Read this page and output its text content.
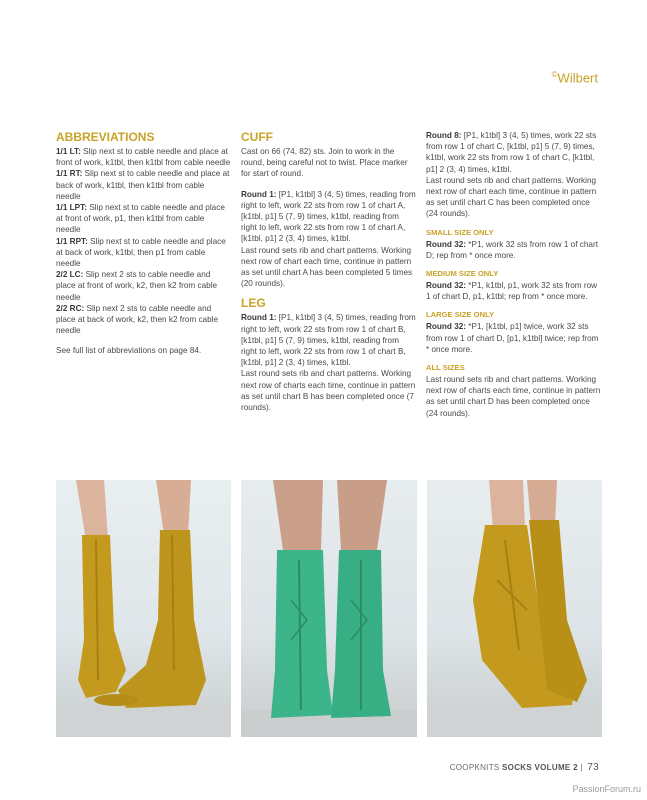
©Wilbert
ABBREVIATIONS

1/1 LT: Slip next st to cable needle and place at front of work, k1tbl, then k1tbl from cable needle

1/1 RT: Slip next st to cable needle and place at back of work, k1tbl, then k1tbl from cable needle

1/1 LPT: Slip next st to cable needle and place at front of work, p1, then k1tbl from cable needle

1/1 RPT: Slip next st to cable needle and place at back of work, k1tbl, then p1 from cable needle

2/2 LC: Slip next 2 sts to cable needle and place at front of work, k2, then k2 from cable needle

2/2 RC: Slip next 2 sts to cable needle and place at back of work, k2, then k2 from cable needle

See full list of abbreviations on page 84.

CUFF

Cast on 66 (74, 82) sts. Join to work in the round, being careful not to twist. Place marker for start of round.

Round 1: [P1, k1tbl] 3 (4, 5) times, reading from right to left, work 22 sts from row 1 of chart A, [k1tbl, p1] 5 (7, 9) times, k1tbl, reading from right to left, work 22 sts from row 1 of chart A, [k1tbl, p1] 2 (3, 4) times, k1tbl.

Last round sets rib and chart patterns. Working next row of chart each time, continue in pattern as set until chart A has been completed 5 times (20 rounds).

LEG

Round 1: [P1, k1tbl] 3 (4, 5) times, reading from right to left, work 22 sts from row 1 of chart B, [k1tbl, p1] 5 (7, 9) times, k1tbl, reading from right to left, work 22 sts from row 1 of chart B, [k1tbl, p1] 2 (3, 4) times, k1tbl.

Last round sets rib and chart patterns. Working next row of charts each time, continue in pattern as set until chart B has been completed once (7 rounds).

Round 8: [P1, k1tbl] 3 (4, 5) times, work 22 sts from row 1 of chart C, [k1tbl, p1] 5 (7, 9) times, k1tbl, work 22 sts from row 1 of chart C, [k1tbl, p1] 2 (3, 4) times, k1tbl.

Last round sets rib and chart patterns. Working next row of chart each time, continue in pattern as set until chart C has been completed once (24 rounds).

SMALL SIZE ONLY

Round 32: *P1, work 32 sts from row 1 of chart D; rep from * once more.

MEDIUM SIZE ONLY

Round 32: *P1, k1tbl, p1, work 32 sts from row 1 of chart D, p1, k1tbl; rep from * once more.

LARGE SIZE ONLY

Round 32: *P1, [k1tbl, p1] twice, work 32 sts from row 1 of chart D, [p1, k1tbl] twice; rep from * once more.

ALL SIZES

Last round sets rib and chart patterns. Working next row of charts each time, continue in pattern as set until chart D has been completed once (24 rounds).

COOPKNITS SOCKS VOLUME 2 | 73
PassionForum.ru
